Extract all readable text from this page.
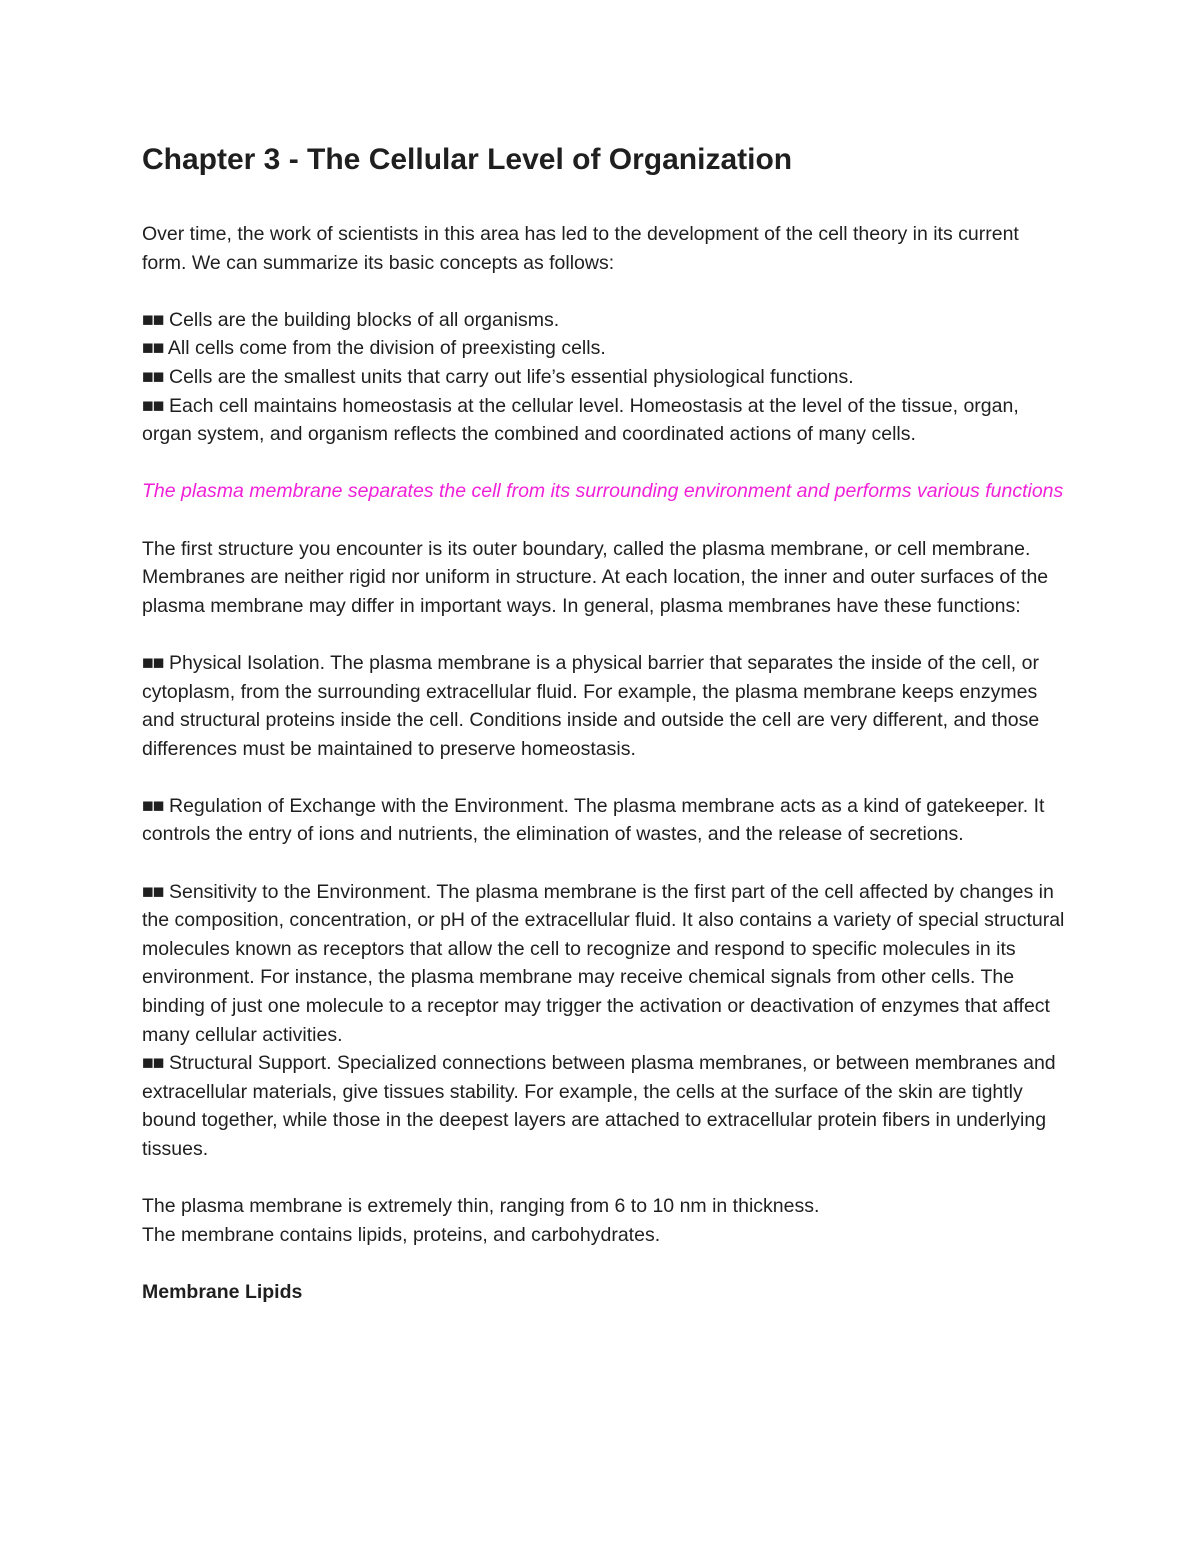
Chapter 3 - The Cellular Level of Organization

Over time, the work of scientists in this area has led to the development of the cell theory in its current form. We can summarize its basic concepts as follows:

■■ Cells are the building blocks of all organisms.

■■ All cells come from the division of preexisting cells.

■■ Cells are the smallest units that carry out life’s essential physiological functions.

■■ Each cell maintains homeostasis at the cellular level. Homeostasis at the level of the tissue, organ, organ system, and organism reflects the combined and coordinated actions of many cells.

The plasma membrane separates the cell from its surrounding environment and performs various functions

The first structure you encounter is its outer boundary, called the plasma membrane, or cell membrane. Membranes are neither rigid nor uniform in structure. At each location, the inner and outer surfaces of the plasma membrane may differ in important ways. In general, plasma membranes have these functions:

■■ Physical Isolation. The plasma membrane is a physical barrier that separates the inside of the cell, or cytoplasm, from the surrounding extracellular fluid. For example, the plasma membrane keeps enzymes and structural proteins inside the cell. Conditions inside and outside the cell are very different, and those differences must be maintained to preserve homeostasis.

■■ Regulation of Exchange with the Environment. The plasma membrane acts as a kind of gatekeeper. It controls the entry of ions and nutrients, the elimination of wastes, and the release of secretions.

■■ Sensitivity to the Environment. The plasma membrane is the first part of the cell affected by changes in the composition, concentration, or pH of the extracellular fluid. It also contains a variety of special structural molecules known as receptors that allow the cell to recognize and respond to specific molecules in its environment. For instance, the plasma membrane may receive chemical signals from other cells. The binding of just one molecule to a receptor may trigger the activation or deactivation of enzymes that affect many cellular activities.

■■ Structural Support. Specialized connections between plasma membranes, or between membranes and extracellular materials, give tissues stability. For example, the cells at the surface of the skin are tightly bound together, while those in the deepest layers are attached to extracellular protein fibers in underlying tissues.

The plasma membrane is extremely thin, ranging from 6 to 10 nm in thickness.

The membrane contains lipids, proteins, and carbohydrates.

Membrane Lipids
